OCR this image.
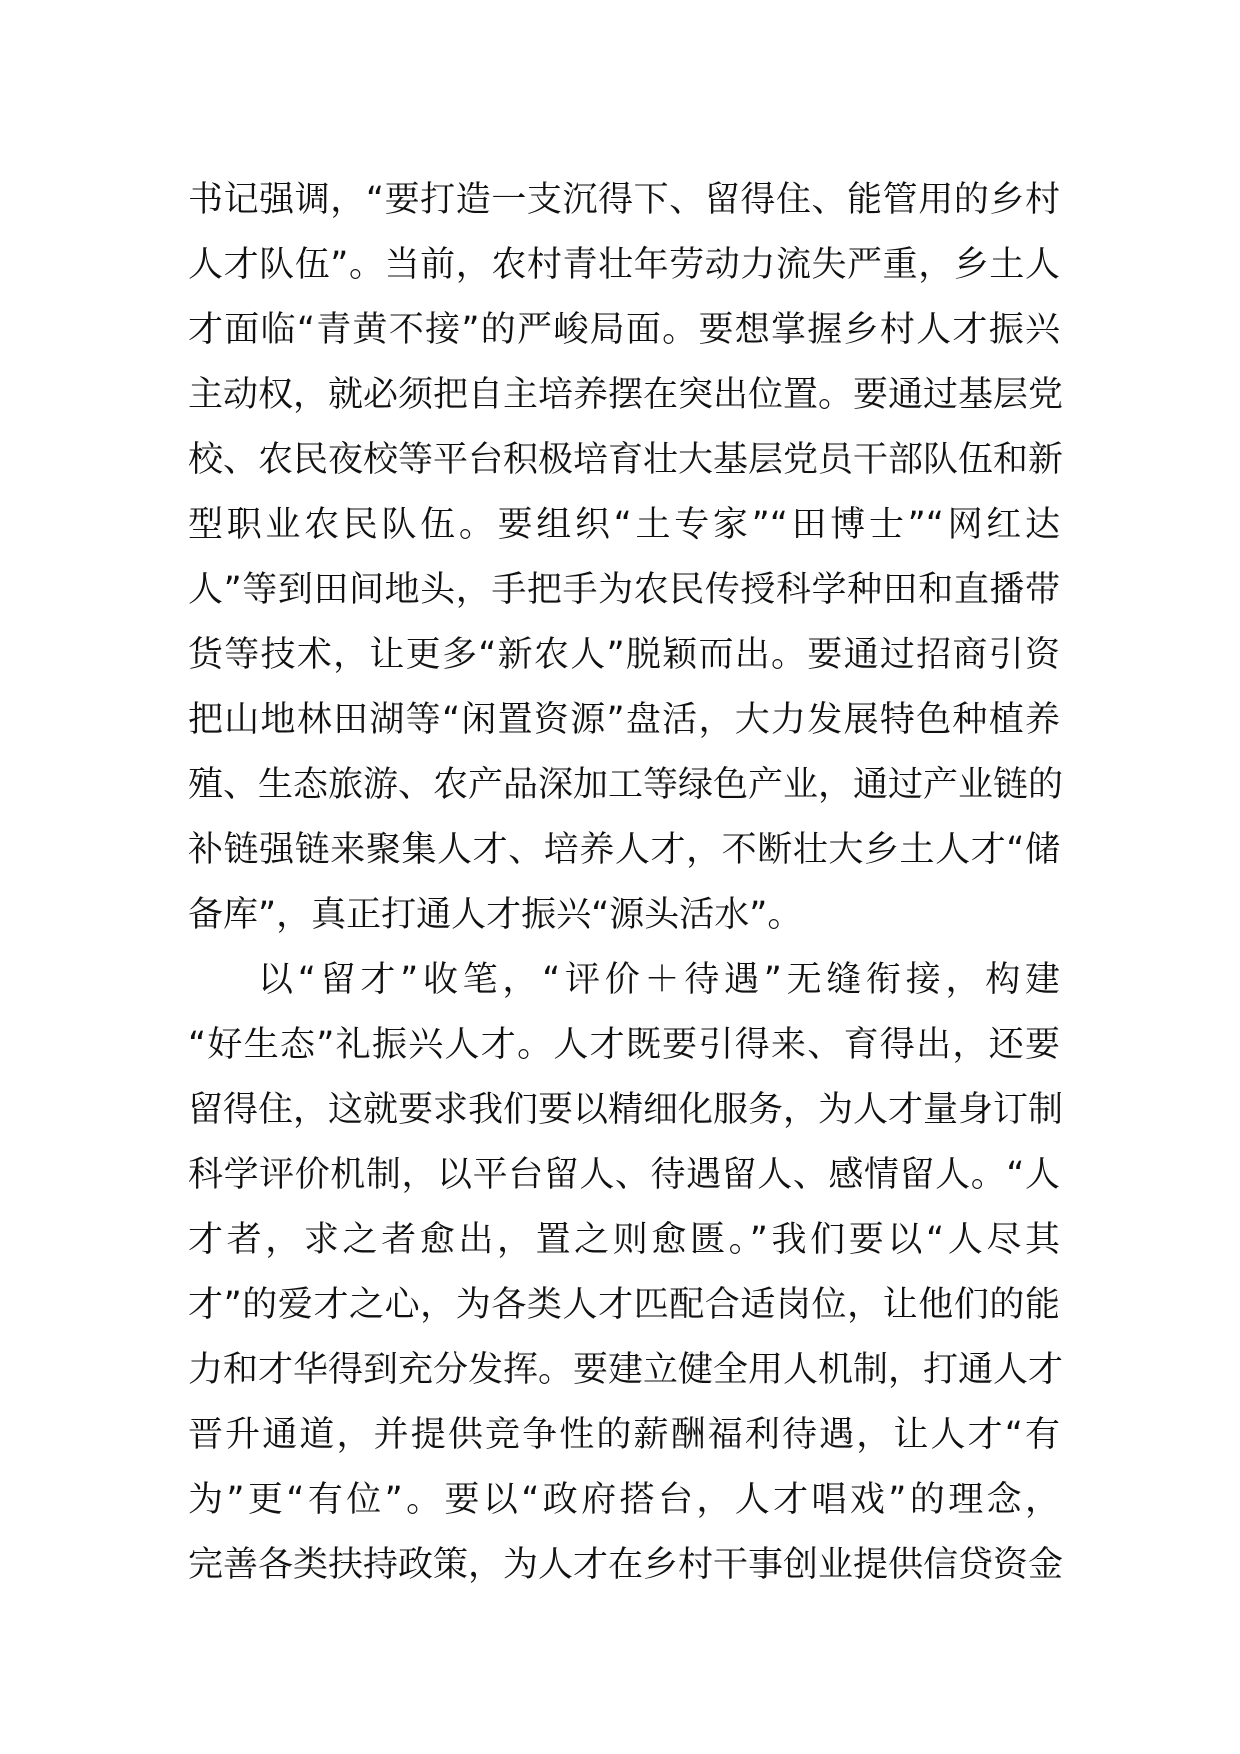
书记强调，“要打造一支沉得下、留得住、能管用的乡村
人才队伍”。当前，农村青壮年劳动力流失严重，乡土人
才面临“青黄不接”的严峻局面。要想掌握乡村人才振兴
主动权，就必须把自主培养摆在突出位置。要通过基层党
校、农民夜校等平台积极培育壮大基层党员干部队伍和新
型职业农民队伍。要组织“土专家”“田博士”“网红达
人”等到田间地头，手把手为农民传授科学种田和直播带
货等技术，让更多“新农人”脱颖而出。要通过招商引资
把山地林田湖等“闲置资源”盘活，大力发展特色种植养
殖、生态旅游、农产品深加工等绿色产业，通过产业链的
补链强链来聚集人才、培养人才，不断壮大乡土人才“储
备库”，真正打通人才振兴“源头活水”。
以“留才”收笔，“评价＋待遇”无缝衔接，构建
“好生态”礼振兴人才。人才既要引得来、育得出，还要
留得住，这就要求我们要以精细化服务，为人才量身订制
科学评价机制，以平台留人、待遇留人、感情留人。“人
才者，求之者愈出，置之则愈匮。”我们要以“人尽其
才”的爱才之心，为各类人才匹配合适岗位，让他们的能
力和才华得到充分发挥。要建立健全用人机制，打通人才
晋升通道，并提供竞争性的薪酬福利待遇，让人才“有
为”更“有位”。要以“政府搭台，人才唱戏”的理念，
完善各类扶持政策，为人才在乡村干事创业提供信贷资金
